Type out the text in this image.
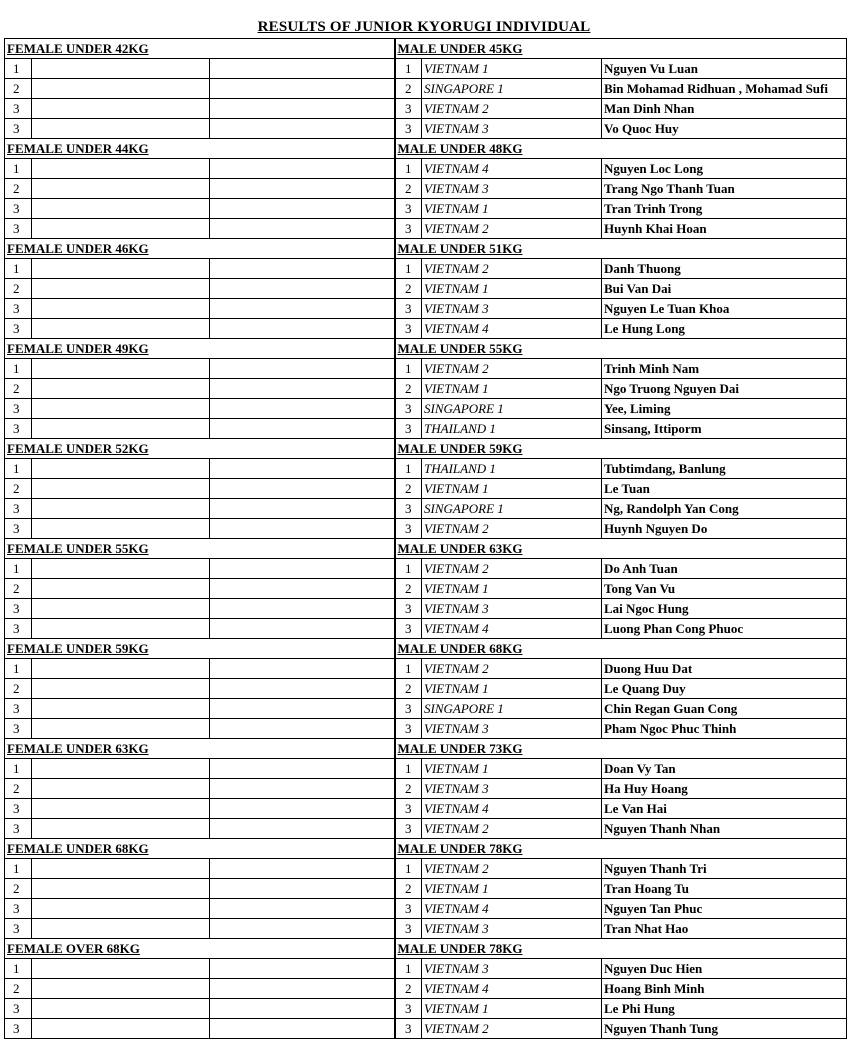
RESULTS OF JUNIOR KYORUGI INDIVIDUAL
FEMALE UNDER 42KG			MALE UNDER 45KG		
1			1	VIETNAM 1	Nguyen Vu Luan
2			2	SINGAPORE 1	Bin Mohamad Ridhuan , Mohamad Sufi
3			3	VIETNAM 2	Man Dinh Nhan
3			3	VIETNAM 3	Vo Quoc Huy
FEMALE UNDER 44KG			MALE UNDER 48KG		
1			1	VIETNAM 4	Nguyen Loc Long
2			2	VIETNAM 3	Trang Ngo Thanh Tuan
3			3	VIETNAM 1	Tran Trinh Trong
3			3	VIETNAM 2	Huynh Khai Hoan
FEMALE UNDER 46KG			MALE UNDER 51KG		
1			1	VIETNAM 2	Danh Thuong
2			2	VIETNAM 1	Bui Van Dai
3			3	VIETNAM 3	Nguyen Le Tuan Khoa
3			3	VIETNAM 4	Le Hung Long
FEMALE UNDER 49KG			MALE UNDER 55KG		
1			1	VIETNAM 2	Trinh Minh Nam
2			2	VIETNAM 1	Ngo Truong Nguyen Dai
3			3	SINGAPORE 1	Yee, Liming
3			3	THAILAND 1	Sinsang, Ittiporm
FEMALE UNDER 52KG			MALE UNDER 59KG		
1			1	THAILAND 1	Tubtimdang, Banlung
2			2	VIETNAM 1	Le Tuan
3			3	SINGAPORE 1	Ng, Randolph Yan Cong
3			3	VIETNAM 2	Huynh Nguyen Do
FEMALE UNDER 55KG			MALE UNDER 63KG		
1			1	VIETNAM 2	Do Anh Tuan
2			2	VIETNAM 1	Tong Van Vu
3			3	VIETNAM 3	Lai Ngoc Hung
3			3	VIETNAM 4	Luong Phan Cong Phuoc
FEMALE UNDER 59KG			MALE UNDER 68KG		
1			1	VIETNAM 2	Duong Huu Dat
2			2	VIETNAM 1	Le Quang Duy
3			3	SINGAPORE 1	Chin Regan Guan Cong
3			3	VIETNAM 3	Pham Ngoc Phuc Thinh
FEMALE UNDER 63KG			MALE UNDER 73KG		
1			1	VIETNAM 1	Doan Vy Tan
2			2	VIETNAM 3	Ha Huy Hoang
3			3	VIETNAM 4	Le Van Hai
3			3	VIETNAM 2	Nguyen Thanh Nhan
FEMALE UNDER 68KG			MALE UNDER 78KG		
1			1	VIETNAM 2	Nguyen Thanh Tri
2			2	VIETNAM 1	Tran Hoang Tu
3			3	VIETNAM 4	Nguyen Tan Phuc
3			3	VIETNAM 3	Tran Nhat Hao
FEMALE OVER 68KG			MALE UNDER 78KG		
1			1	VIETNAM 3	Nguyen Duc Hien
2			2	VIETNAM 4	Hoang Binh Minh
3			3	VIETNAM 1	Le Phi Hung
3			3	VIETNAM 2	Nguyen Thanh Tung
